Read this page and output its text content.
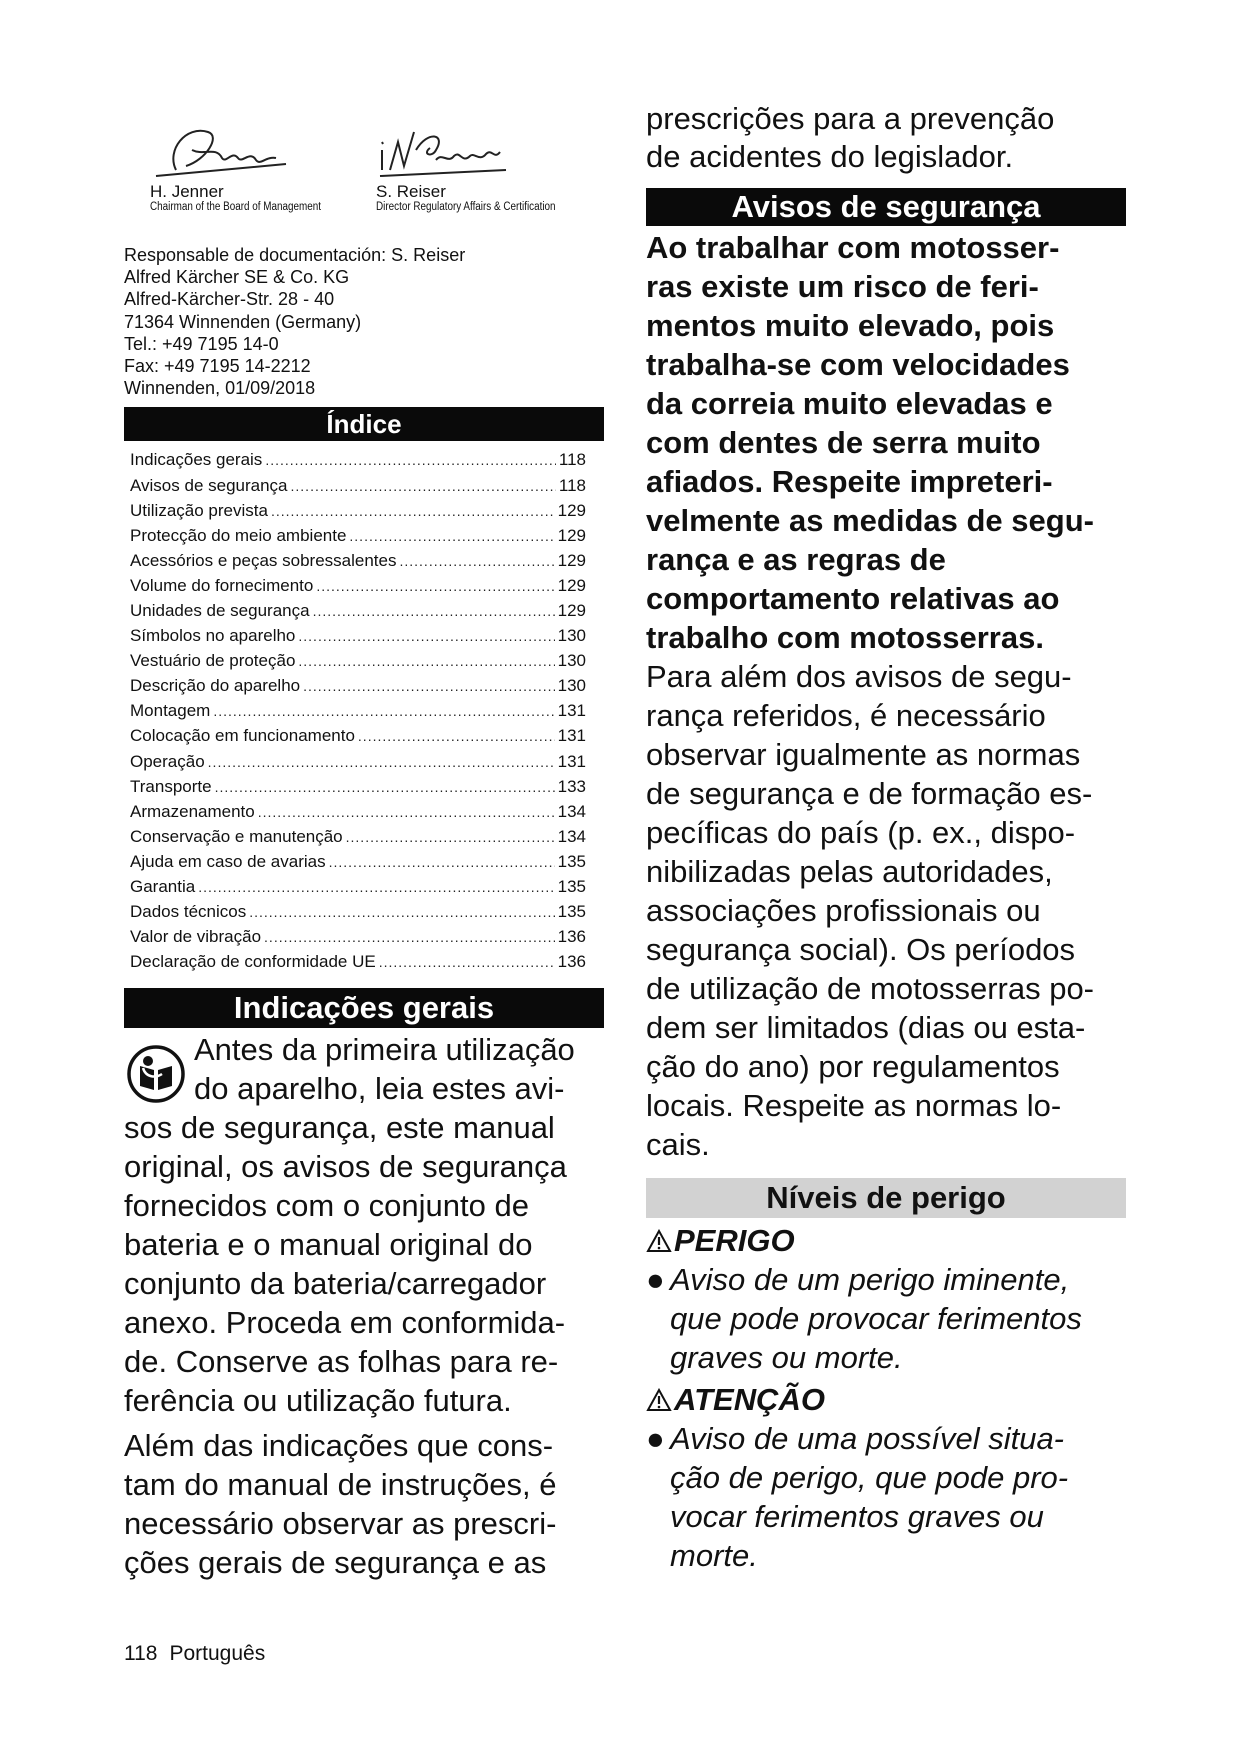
H. Jenner
Chairman of the Board of Management
S. Reiser
Director Regulatory Affairs & Certification
Responsable de documentación: S. Reiser
Alfred Kärcher SE & Co. KG
Alfred-Kärcher-Str. 28 - 40
71364 Winnenden (Germany)
Tel.: +49 7195 14-0
Fax: +49 7195 14-2212
Winnenden, 01/09/2018
Índice
Indicações gerais .....	118
Avisos de segurança .....	118
Utilização prevista .....	129
Protecção do meio ambiente .....	129
Acessórios e peças sobressalentes .....	129
Volume do fornecimento .....	129
Unidades de segurança .....	129
Símbolos no aparelho .....	130
Vestuário de proteção .....	130
Descrição do aparelho .....	130
Montagem .....	131
Colocação em funcionamento .....	131
Operação .....	131
Transporte .....	133
Armazenamento .....	134
Conservação e manutenção .....	134
Ajuda em caso de avarias .....	135
Garantia .....	135
Dados técnicos .....	135
Valor de vibração .....	136
Declaração de conformidade UE .....	136
Indicações gerais
Antes da primeira utilização
do aparelho, leia estes avi-
sos de segurança, este manual
original, os avisos de segurança
fornecidos com o conjunto de
bateria e o manual original do
conjunto da bateria/carregador
anexo. Proceda em conformida-
de. Conserve as folhas para re-
ferência ou utilização futura.
Além das indicações que cons-
tam do manual de instruções, é
necessário observar as prescri-
ções gerais de segurança e as
prescrições para a prevenção
de acidentes do legislador.
Avisos de segurança
Ao trabalhar com motosser-
ras existe um risco de feri-
mentos muito elevado, pois
trabalha-se com velocidades
da correia muito elevadas e
com dentes de serra muito
afiados. Respeite impreteri-
velmente as medidas de segu-
rança e as regras de
comportamento relativas ao
trabalho com motosserras.
Para além dos avisos de segu-
rança referidos, é necessário
observar igualmente as normas
de segurança e de formação es-
pecíficas do país (p. ex., dispo-
nibilizadas pelas autoridades,
associações profissionais ou
segurança social). Os períodos
de utilização de motosserras po-
dem ser limitados (dias ou esta-
ção do ano) por regulamentos
locais. Respeite as normas lo-
cais.
Níveis de perigo
PERIGO
● Aviso de um perigo iminente,
que pode provocar ferimentos
graves ou morte.
ATENÇÃO
● Aviso de uma possível situa-
ção de perigo, que pode pro-
vocar ferimentos graves ou
morte.
118 Português
